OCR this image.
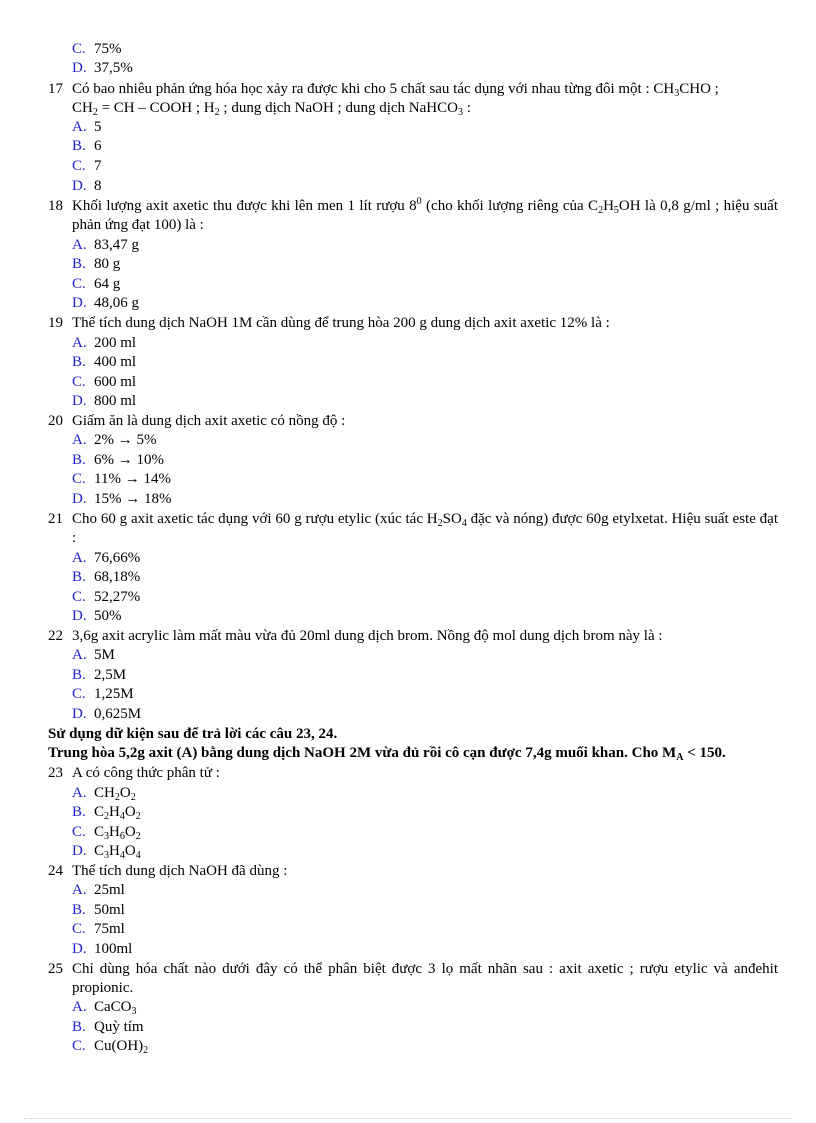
C. 75%
D. 37,5%
17 Có bao nhiêu phản ứng hóa học xảy ra được khi cho 5 chất sau tác dụng với nhau từng đôi một : $CH_3CHO$ ;
$CH_2$ = CH – COOH ; $H_2$ ; dung dịch NaOH ; dung dịch NaHCO$_3$ :
A. 5
B. 6
C. 7
D. 8
18 Khối lượng axit axetic thu được khi lên men 1 lít rượu $8^0$ (cho khối lượng riêng của $C_2H_5OH$ là 0,8 g/ml ; hiệu suất phản ứng đạt 100) là :
A. 83,47 g
B. 80 g
C. 64 g
D. 48,06 g
19 Thể tích dung dịch NaOH 1M cần dùng để trung hòa 200 g dung dịch axit axetic 12% là :
A. 200 ml
B. 400 ml
C. 600 ml
D. 800 ml
20 Giấm ăn là dung dịch axit axetic có nồng độ :
A. 2% → 5%
B. 6% → 10%
C. 11% → 14%
D. 15% → 18%
21 Cho 60 g axit axetic tác dụng với 60 g rượu etylic (xúc tác $H_2SO_4$ đặc và nóng) được 60g etylxetat. Hiệu suất este đạt :
A. 76,66%
B. 68,18%
C. 52,27%
D. 50%
22 3,6g axit acrylic làm mất màu vừa đủ 20ml dung dịch brom. Nồng độ mol dung dịch brom này là :
A. 5M
B. 2,5M
C. 1,25M
D. 0,625M
Sử dụng dữ kiện sau để trả lời các câu 23, 24.
Trung hòa 5,2g axit (A) bằng dung dịch NaOH 2M vừa đủ rồi cô cạn được 7,4g muối khan. Cho $M_A < 150$.
23 A có công thức phân tử :
A. $CH_2O_2$
B. $C_2H_4O_2$
C. $C_3H_6O_2$
D. $C_3H_4O_4$
24 Thể tích dung dịch NaOH đã dùng :
A. 25ml
B. 50ml
C. 75ml
D. 100ml
25 Chỉ dùng hóa chất nào dưới đây có thể phân biệt được 3 lọ mất nhãn sau : axit axetic ; rượu etylic và anđehit propionic.
A. CaCO$_3$
B. Quỳ tím
C. $Cu(OH)_2$
